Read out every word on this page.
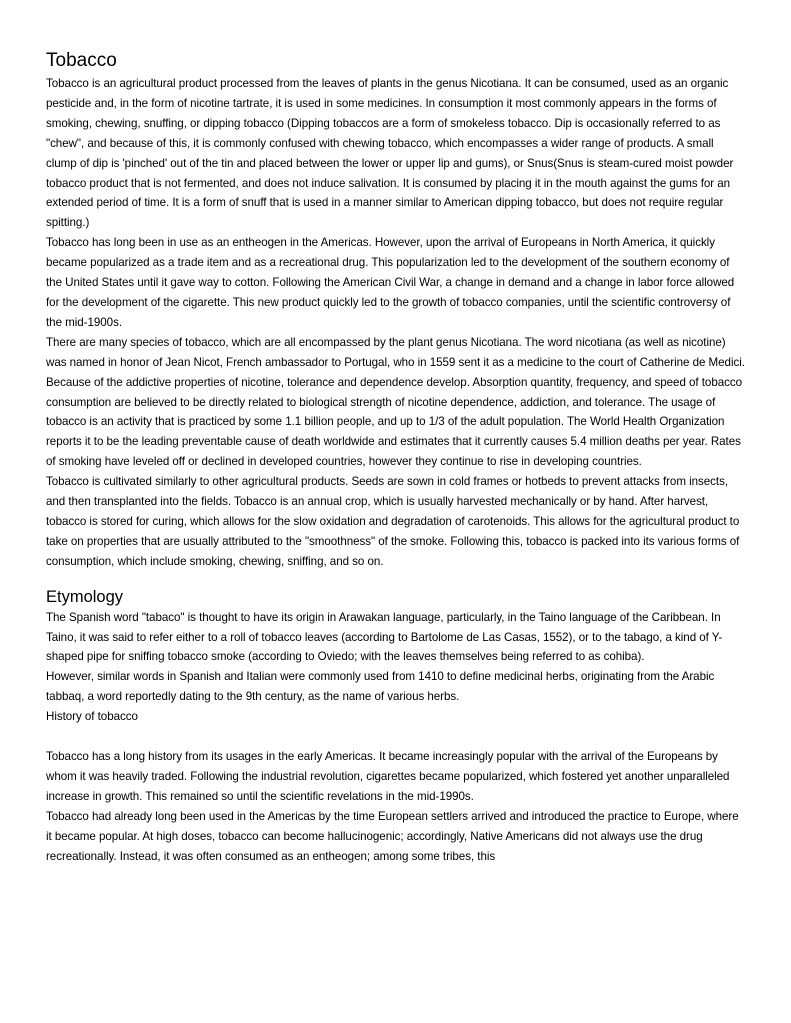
Tobacco

Tobacco is an agricultural product processed from the leaves of plants in the genus Nicotiana. It can be consumed, used as an organic pesticide and, in the form of nicotine tartrate, it is used in some medicines. In consumption it most commonly appears in the forms of smoking, chewing, snuffing, or dipping tobacco (Dipping tobaccos are a form of smokeless tobacco. Dip is occasionally referred to as "chew", and because of this, it is commonly confused with chewing tobacco, which encompasses a wider range of products. A small clump of dip is 'pinched' out of the tin and placed between the lower or upper lip and gums), or Snus(Snus is steam-cured moist powder tobacco product that is not fermented, and does not induce salivation. It is consumed by placing it in the mouth against the gums for an extended period of time. It is a form of snuff that is used in a manner similar to American dipping tobacco, but does not require regular spitting.)

Tobacco has long been in use as an entheogen in the Americas. However, upon the arrival of Europeans in North America, it quickly became popularized as a trade item and as a recreational drug. This popularization led to the development of the southern economy of the United States until it gave way to cotton. Following the American Civil War, a change in demand and a change in labor force allowed for the development of the cigarette. This new product quickly led to the growth of tobacco companies, until the scientific controversy of the mid-1900s.

There are many species of tobacco, which are all encompassed by the plant genus Nicotiana. The word nicotiana (as well as nicotine) was named in honor of Jean Nicot, French ambassador to Portugal, who in 1559 sent it as a medicine to the court of Catherine de Medici.

Because of the addictive properties of nicotine, tolerance and dependence develop. Absorption quantity, frequency, and speed of tobacco consumption are believed to be directly related to biological strength of nicotine dependence, addiction, and tolerance. The usage of tobacco is an activity that is practiced by some 1.1 billion people, and up to 1/3 of the adult population. The World Health Organization reports it to be the leading preventable cause of death worldwide and estimates that it currently causes 5.4 million deaths per year. Rates of smoking have leveled off or declined in developed countries, however they continue to rise in developing countries.

Tobacco is cultivated similarly to other agricultural products. Seeds are sown in cold frames or hotbeds to prevent attacks from insects, and then transplanted into the fields. Tobacco is an annual crop, which is usually harvested mechanically or by hand. After harvest, tobacco is stored for curing, which allows for the slow oxidation and degradation of carotenoids. This allows for the agricultural product to take on properties that are usually attributed to the "smoothness" of the smoke. Following this, tobacco is packed into its various forms of consumption, which include smoking, chewing, sniffing, and so on.

Etymology

The Spanish word "tabaco" is thought to have its origin in Arawakan language, particularly, in the Taino language of the Caribbean. In Taino, it was said to refer either to a roll of tobacco leaves (according to Bartolome de Las Casas, 1552), or to the tabago, a kind of Y-shaped pipe for sniffing tobacco smoke (according to Oviedo; with the leaves themselves being referred to as cohiba).

However, similar words in Spanish and Italian were commonly used from 1410 to define medicinal herbs, originating from the Arabic tabbaq, a word reportedly dating to the 9th century, as the name of various herbs.

History of tobacco

Tobacco has a long history from its usages in the early Americas. It became increasingly popular with the arrival of the Europeans by whom it was heavily traded. Following the industrial revolution, cigarettes became popularized, which fostered yet another unparalleled increase in growth. This remained so until the scientific revelations in the mid-1990s.

Tobacco had already long been used in the Americas by the time European settlers arrived and introduced the practice to Europe, where it became popular. At high doses, tobacco can become hallucinogenic; accordingly, Native Americans did not always use the drug recreationally. Instead, it was often consumed as an entheogen; among some tribes, this
